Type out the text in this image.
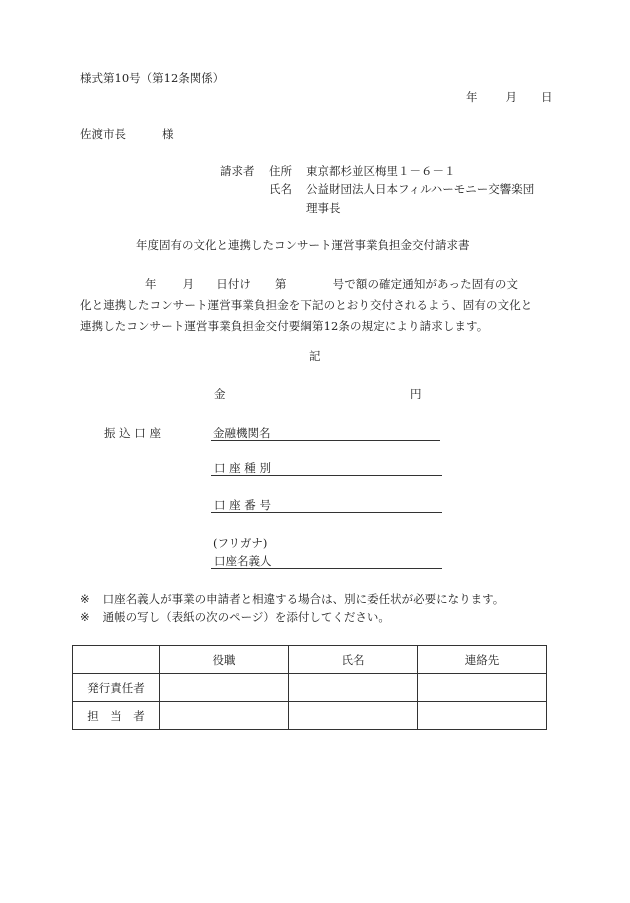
様式第10号（第12条関係）
年 月 日
佐渡市長	様
請求者 住所 東京都杉並区梅里１－６－１
氏名 公益財団法人日本フィルハーモニー交響楽団
理事長
年度固有の文化と連携したコンサート運営事業負担金交付請求書
年 月 日付け 第	号で額の確定通知があった固有の文
化と連携したコンサート運営事業負担金を下記のとおり交付されるよう、固有の文化と
連携したコンサート運営事業負担金交付要綱第12条の規定により請求します。
記
金	円
振 込 口 座	金融機関名
口 座 種 別
口 座 番 号
(フリガナ)
口座名義人
※ 口座名義人が事業の申請者と相違する場合は、別に委任状が必要になります。
※ 通帳の写し（表紙の次のページ）を添付してください。
	役職	氏名	連絡先
発行責任者			
担　当　者			
